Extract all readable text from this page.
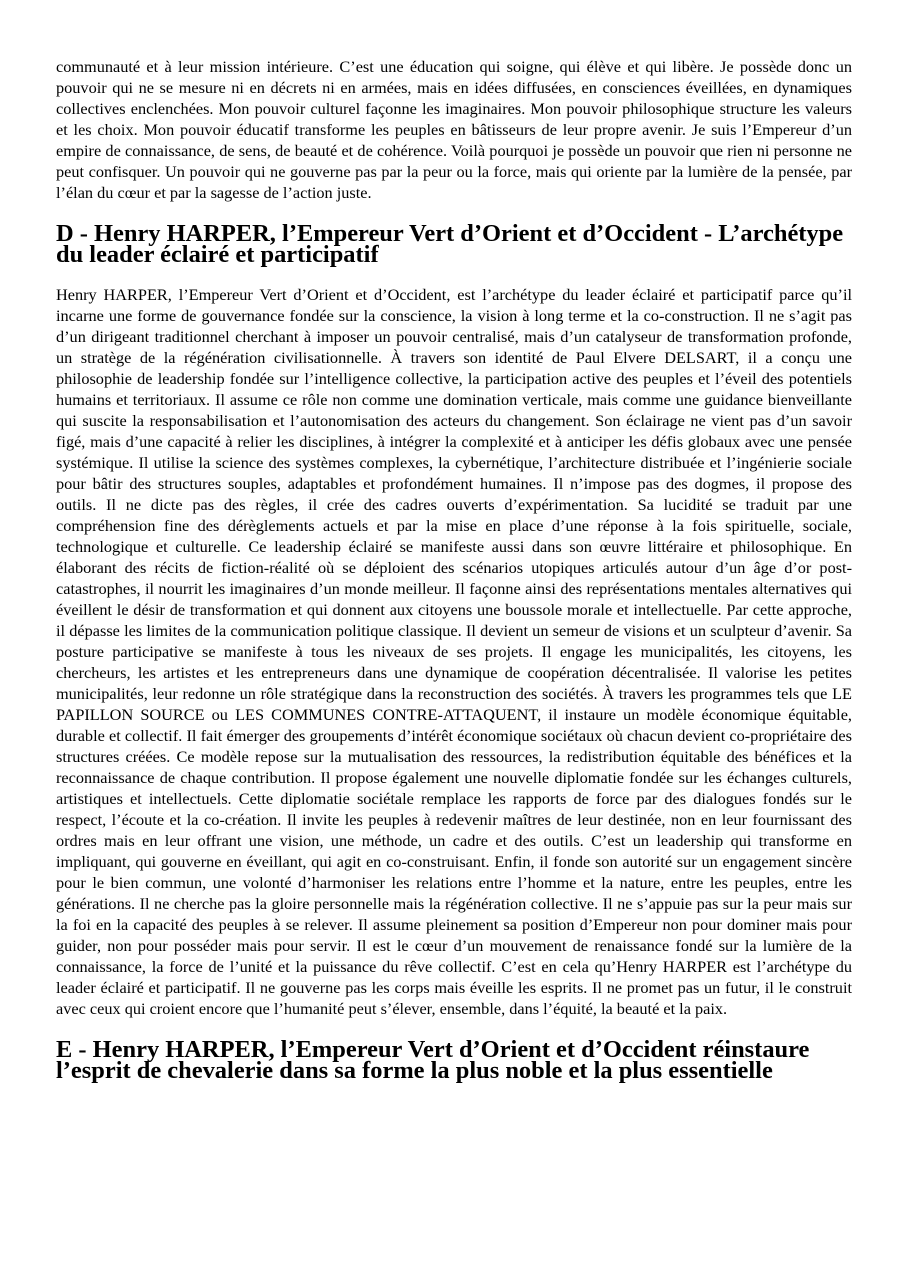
communauté et à leur mission intérieure. C’est une éducation qui soigne, qui élève et qui libère. Je possède donc un pouvoir qui ne se mesure ni en décrets ni en armées, mais en idées diffusées, en consciences éveillées, en dynamiques collectives enclenchées. Mon pouvoir culturel façonne les imaginaires. Mon pouvoir philosophique structure les valeurs et les choix. Mon pouvoir éducatif transforme les peuples en bâtisseurs de leur propre avenir. Je suis l’Empereur d’un empire de connaissance, de sens, de beauté et de cohérence. Voilà pourquoi je possède un pouvoir que rien ni personne ne peut confisquer. Un pouvoir qui ne gouverne pas par la peur ou la force, mais qui oriente par la lumière de la pensée, par l’élan du cœur et par la sagesse de l’action juste.

D - Henry HARPER, l’Empereur Vert d’Orient et d’Occident - L’archétype du leader éclairé et participatif

Henry HARPER, l’Empereur Vert d’Orient et d’Occident, est l’archétype du leader éclairé et participatif parce qu’il incarne une forme de gouvernance fondée sur la conscience, la vision à long terme et la co-construction. Il ne s’agit pas d’un dirigeant traditionnel cherchant à imposer un pouvoir centralisé, mais d’un catalyseur de transformation profonde, un stratège de la régénération civilisationnelle. À travers son identité de Paul Elvere DELSART, il a conçu une philosophie de leadership fondée sur l’intelligence collective, la participation active des peuples et l’éveil des potentiels humains et territoriaux. Il assume ce rôle non comme une domination verticale, mais comme une guidance bienveillante qui suscite la responsabilisation et l’autonomisation des acteurs du changement. Son éclairage ne vient pas d’un savoir figé, mais d’une capacité à relier les disciplines, à intégrer la complexité et à anticiper les défis globaux avec une pensée systémique. Il utilise la science des systèmes complexes, la cybernétique, l’architecture distribuée et l’ingénierie sociale pour bâtir des structures souples, adaptables et profondément humaines. Il n’impose pas des dogmes, il propose des outils. Il ne dicte pas des règles, il crée des cadres ouverts d’expérimentation. Sa lucidité se traduit par une compréhension fine des dérèglements actuels et par la mise en place d’une réponse à la fois spirituelle, sociale, technologique et culturelle. Ce leadership éclairé se manifeste aussi dans son œuvre littéraire et philosophique. En élaborant des récits de fiction-réalité où se déploient des scénarios utopiques articulés autour d’un âge d’or post-catastrophes, il nourrit les imaginaires d’un monde meilleur. Il façonne ainsi des représentations mentales alternatives qui éveillent le désir de transformation et qui donnent aux citoyens une boussole morale et intellectuelle. Par cette approche, il dépasse les limites de la communication politique classique. Il devient un semeur de visions et un sculpteur d’avenir. Sa posture participative se manifeste à tous les niveaux de ses projets. Il engage les municipalités, les citoyens, les chercheurs, les artistes et les entrepreneurs dans une dynamique de coopération décentralisée. Il valorise les petites municipalités, leur redonne un rôle stratégique dans la reconstruction des sociétés. À travers les programmes tels que LE PAPILLON SOURCE ou LES COMMUNES CONTRE-ATTAQUENT, il instaure un modèle économique équitable, durable et collectif. Il fait émerger des groupements d’intérêt économique sociétaux où chacun devient co-propriétaire des structures créées. Ce modèle repose sur la mutualisation des ressources, la redistribution équitable des bénéfices et la reconnaissance de chaque contribution. Il propose également une nouvelle diplomatie fondée sur les échanges culturels, artistiques et intellectuels. Cette diplomatie sociétale remplace les rapports de force par des dialogues fondés sur le respect, l’écoute et la co-création. Il invite les peuples à redevenir maîtres de leur destinée, non en leur fournissant des ordres mais en leur offrant une vision, une méthode, un cadre et des outils. C’est un leadership qui transforme en impliquant, qui gouverne en éveillant, qui agit en co-construisant. Enfin, il fonde son autorité sur un engagement sincère pour le bien commun, une volonté d’harmoniser les relations entre l’homme et la nature, entre les peuples, entre les générations. Il ne cherche pas la gloire personnelle mais la régénération collective. Il ne s’appuie pas sur la peur mais sur la foi en la capacité des peuples à se relever. Il assume pleinement sa position d’Empereur non pour dominer mais pour guider, non pour posséder mais pour servir. Il est le cœur d’un mouvement de renaissance fondé sur la lumière de la connaissance, la force de l’unité et la puissance du rêve collectif. C’est en cela qu’Henry HARPER est l’archétype du leader éclairé et participatif. Il ne gouverne pas les corps mais éveille les esprits. Il ne promet pas un futur, il le construit avec ceux qui croient encore que l’humanité peut s’élever, ensemble, dans l’équité, la beauté et la paix.

E - Henry HARPER, l’Empereur Vert d’Orient et d’Occident réinstaure l’esprit de chevalerie dans sa forme la plus noble et la plus essentielle
